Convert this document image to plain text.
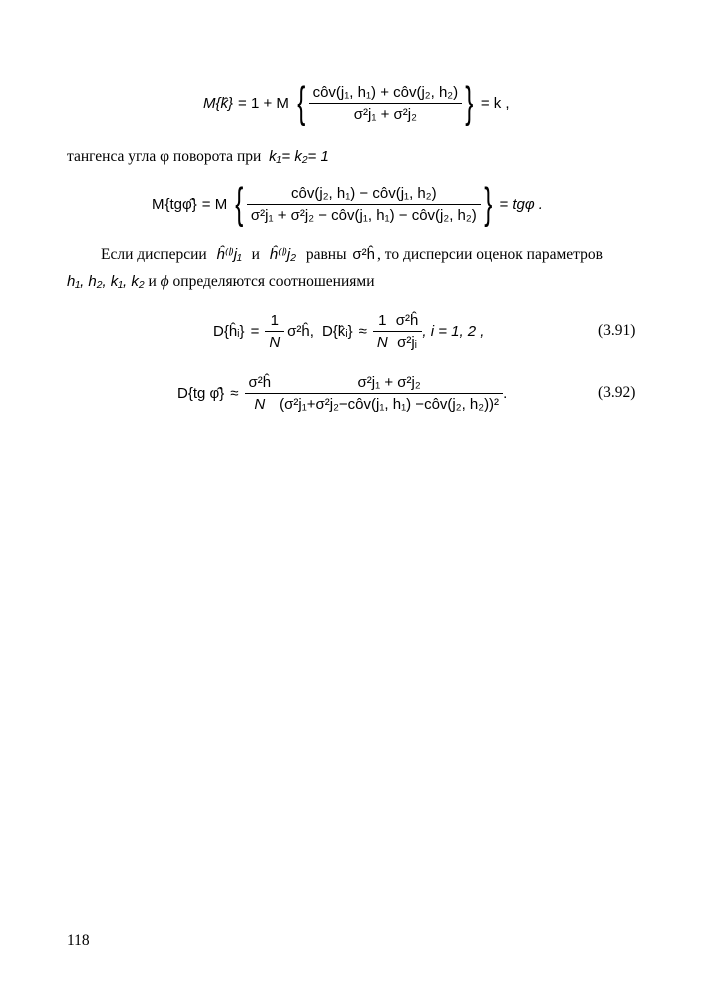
M{k̂} = 1 + M { $\frac{\text{côv(j₁, h₁) + côv(j₂, h₂)}}{\text{σ²j₁ + σ²j₂}}$ } = k ,
тангенса угла φ поворота при k₁= k₂= 1
M{tgφ̂} = M { $\frac{\text{côv(j₂, h₁) − côv(j₁, h₂)}}{\text{σ²j₁ + σ²j₂ − côv(j₁, h₁) − côv(j₂, h₂)}}$ } = tgφ .
Если дисперсии ĥ⁽ˡ⁾j₁ и ĥ⁽ˡ⁾j₂ равны σ²ĥ , то дисперсии оценок параметров
h₁, h₂, k₁, k₂ и ϕ определяются соотношениями
D{ĥᵢ} = $\frac{1}{N}$ σ²ĥ , D{k̂ᵢ} ≈ $\frac{1}{N} \frac{\text{σ²ĥ}}{\text{σ²jᵢ}}$ , i = 1, 2 ,	(3.91)
D{tg φ̂} ≈ $\frac{\text{σ²ĥ}}{N} \frac{\text{σ²j₁ + σ²j₂}}{\text{(σ²j₁+σ²j₂−côv(j₁, h₁) −côv(j₂, h₂))²}}$ .	(3.92)
118
